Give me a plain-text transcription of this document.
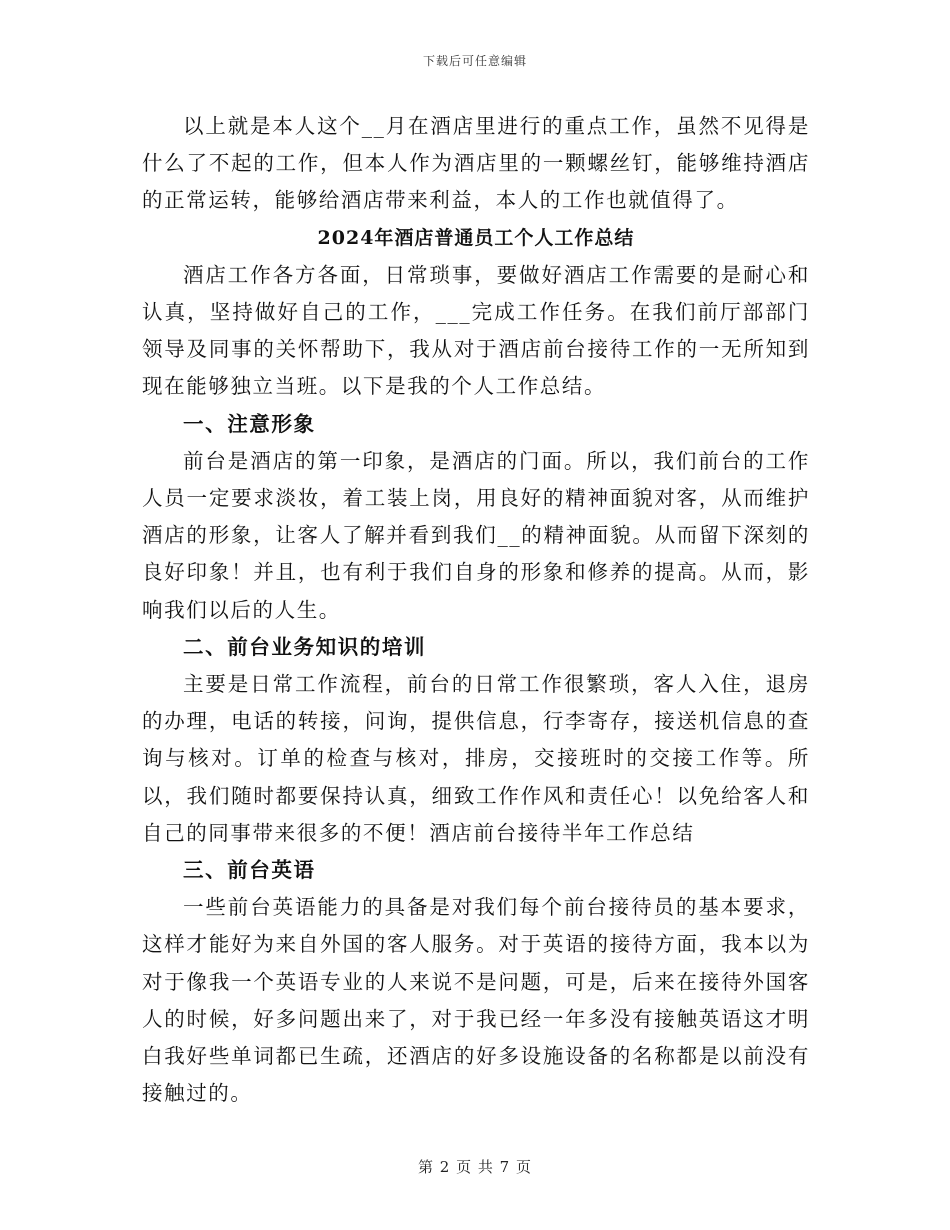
下载后可任意编辑

以上就是本人这个__月在酒店里进行的重点工作，虽然不见得是什么了不起的工作，但本人作为酒店里的一颗螺丝钉，能够维持酒店的正常运转，能够给酒店带来利益，本人的工作也就值得了。

2024年酒店普通员工个人工作总结

酒店工作各方各面，日常琐事，要做好酒店工作需要的是耐心和认真，坚持做好自己的工作，___完成工作任务。在我们前厅部部门领导及同事的关怀帮助下，我从对于酒店前台接待工作的一无所知到现在能够独立当班。以下是我的个人工作总结。

一、注意形象

前台是酒店的第一印象，是酒店的门面。所以，我们前台的工作人员一定要求淡妆，着工装上岗，用良好的精神面貌对客，从而维护酒店的形象，让客人了解并看到我们__的精神面貌。从而留下深刻的良好印象！并且，也有利于我们自身的形象和修养的提高。从而，影响我们以后的人生。

二、前台业务知识的培训

主要是日常工作流程，前台的日常工作很繁琐，客人入住，退房的办理，电话的转接，问询，提供信息，行李寄存，接送机信息的查询与核对。订单的检查与核对，排房，交接班时的交接工作等。所以，我们随时都要保持认真，细致工作作风和责任心！以免给客人和自己的同事带来很多的不便！酒店前台接待半年工作总结

三、前台英语

一些前台英语能力的具备是对我们每个前台接待员的基本要求，这样才能好为来自外国的客人服务。对于英语的接待方面，我本以为对于像我一个英语专业的人来说不是问题，可是，后来在接待外国客人的时候，好多问题出来了，对于我已经一年多没有接触英语这才明白我好些单词都已生疏，还酒店的好多设施设备的名称都是以前没有接触过的。

第 2 页 共 7 页
